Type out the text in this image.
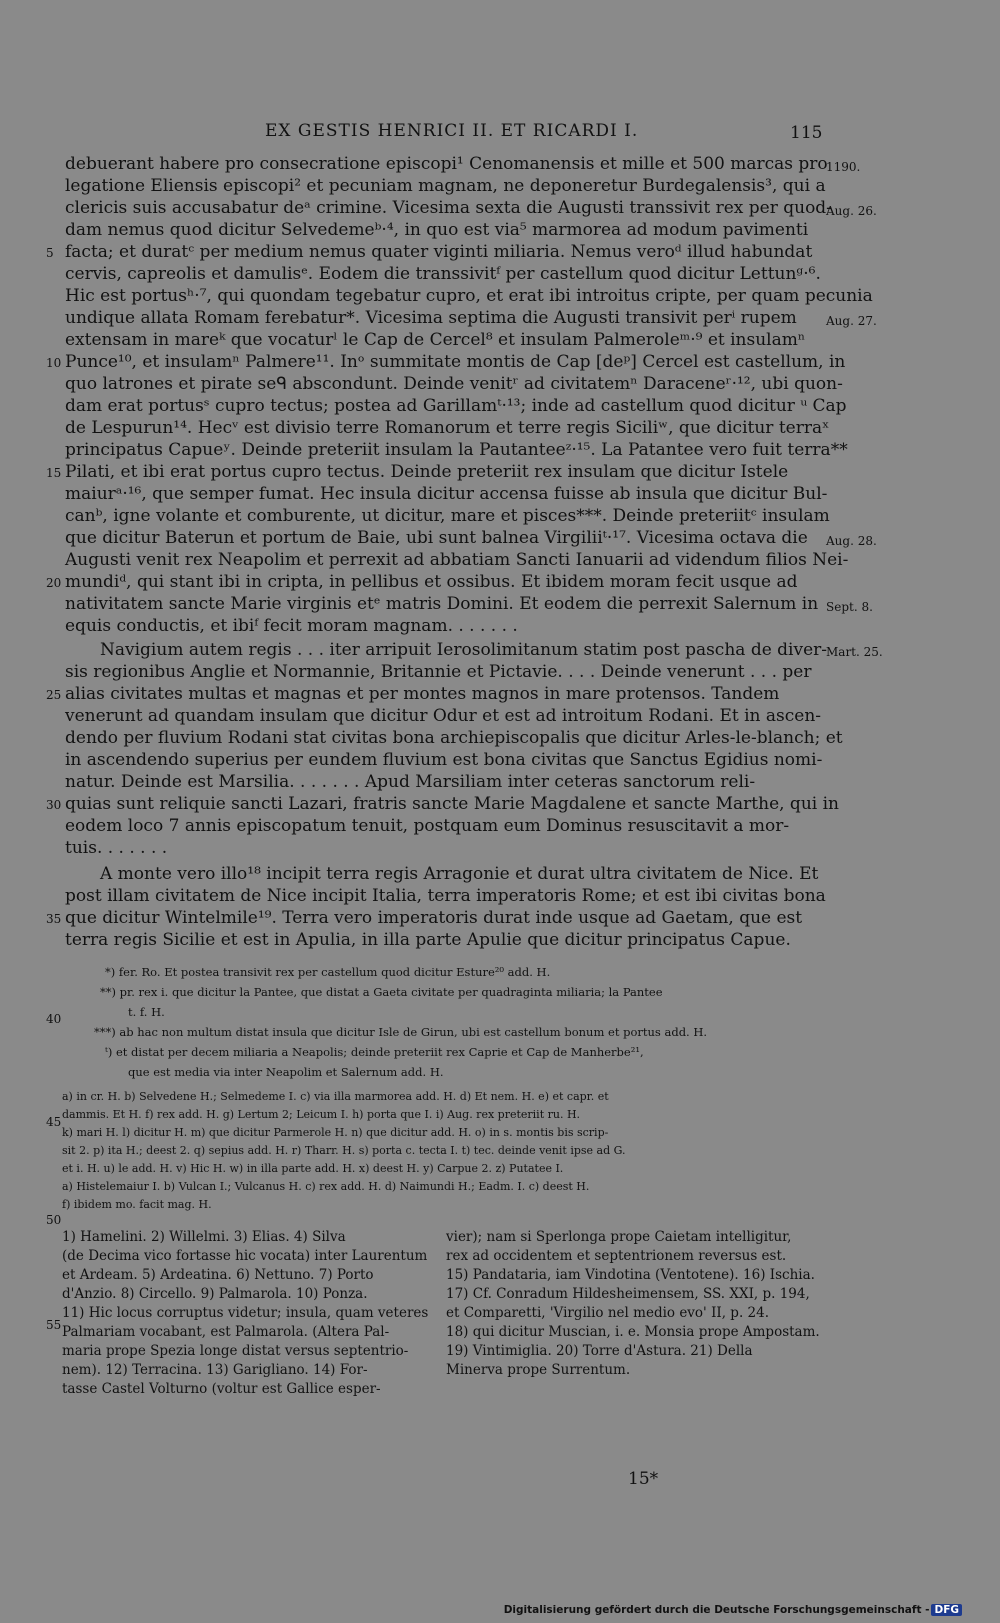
EX GESTIS HENRICI II. ET RICARDI I.	115
debuerant habere pro consecratione episcopi¹ Cenomanensis et mille et 500 marcas pro
legatione Eliensis episcopi² et pecuniam magnam, ne deponeretur Burdegalensis³, qui a
clericis suis accusabatur deᵃ crimine. Vicesima sexta die Augusti transsivit rex per quod-
dam nemus quod dicitur Selvedemeᵇ·⁴, in quo est via⁵ marmorea ad modum pavimenti
facta; et duratᶜ per medium nemus quater viginti miliaria. Nemus veroᵈ illud habundat
cervis, capreolis et damulisᵉ. Eodem die transsivitᶠ per castellum quod dicitur Lettunᵍ·⁶.
Hic est portusʰ·⁷, qui quondam tegebatur cupro, et erat ibi introitus cripte, per quam pecunia
undique allata Romam ferebatur*. Vicesima septima die Augusti transivit perⁱ rupem
extensam in mareᵏ que vocaturˡ le Cap de Cercel⁸ et insulam Palmeroleᵐ·⁹ et insulamⁿ
Punce¹⁰, et insulamⁿ Palmere¹¹. Inᵒ summitate montis de Cap [deᵖ] Cercel est castellum, in
quo latrones et pirate seᑫ abscondunt. Deinde venitʳ ad civitatemⁿ Daraceneʳ·¹², ubi quon-
dam erat portusˢ cupro tectus; postea ad Garillamᵗ·¹³; inde ad castellum quod dicitur ᵘ Cap
de Lespurun¹⁴. Hecᵛ est divisio terre Romanorum et terre regis Siciliʷ, que dicitur terraˣ
principatus Capueʸ. Deinde preteriit insulam la Pautanteeᶻ·¹⁵. La Patantee vero fuit terra**
Pilati, et ibi erat portus cupro tectus. Deinde preteriit rex insulam que dicitur Istele
maiurᵃ·¹⁶, que semper fumat. Hec insula dicitur accensa fuisse ab insula que dicitur Bul-
canᵇ, igne volante et comburente, ut dicitur, mare et pisces***. Deinde preteriitᶜ insulam
que dicitur Baterun et portum de Baie, ubi sunt balnea Virgiliiᵗ·¹⁷. Vicesima octava die
Augusti venit rex Neapolim et perrexit ad abbatiam Sancti Ianuarii ad videndum filios Nei-
mundiᵈ, qui stant ibi in cripta, in pellibus et ossibus. Et ibidem moram fecit usque ad
nativitatem sancte Marie virginis etᵉ matris Domini. Et eodem die perrexit Salernum in
equis conductis, et ibiᶠ fecit moram magnam. . . . . . .
Navigium autem regis . . . iter arripuit Ierosolimitanum statim post pascha de diver-
sis regionibus Anglie et Normannie, Britannie et Pictavie. . . . Deinde venerunt . . . per
alias civitates multas et magnas et per montes magnos in mare protensos. Tandem
venerunt ad quandam insulam que dicitur Odur et est ad introitum Rodani. Et in ascen-
dendo per fluvium Rodani stat civitas bona archiepiscopalis que dicitur Arles-le-blanch; et
in ascendendo superius per eundem fluvium est bona civitas que Sanctus Egidius nomi-
natur. Deinde est Marsilia. . . . . . . Apud Marsiliam inter ceteras sanctorum reli-
quias sunt reliquie sancti Lazari, fratris sancte Marie Magdalene et sancte Marthe, qui in
eodem loco 7 annis episcopatum tenuit, postquam eum Dominus resuscitavit a mor-
tuis. . . . . . .
A monte vero illo¹⁸ incipit terra regis Arragonie et durat ultra civitatem de Nice. Et
post illam civitatem de Nice incipit Italia, terra imperatoris Rome; et est ibi civitas bona
que dicitur Wintelmile¹⁹. Terra vero imperatoris durat inde usque ad Gaetam, que est
terra regis Sicilie et est in Apulia, in illa parte Apulie que dicitur principatus Capue.
5
10
15
20
25
30
35
40
45
50
55
1190.
Aug. 26.
Aug. 27.
Aug. 28.
Sept. 8.
Mart. 25.
*) fer. Ro. Et postea transivit rex per castellum quod dicitur Esture²⁰ add. H.
**) pr. rex i. que dicitur la Pantee, que distat a Gaeta civitate per quadraginta miliaria; la Pantee
t. f. H.
***) ab hac non multum distat insula que dicitur Isle de Girun, ubi est castellum bonum et portus add. H.
ᵗ) et distat per decem miliaria a Neapolis; deinde preteriit rex Caprie et Cap de Manherbe²¹,
que est media via inter Neapolim et Salernum add. H.
a) in cr. H. b) Selvedene H.; Selmedeme I. c) via illa marmorea add. H. d) Et nem. H. e) et capr. et
dammis. Et H. f) rex add. H. g) Lertum 2; Leicum I. h) porta que I. i) Aug. rex preteriit ru. H.
k) mari H. l) dicitur H. m) que dicitur Parmerole H. n) que dicitur add. H. o) in s. montis bis scrip-
sit 2. p) ita H.; deest 2. q) sepius add. H. r) Tharr. H. s) porta c. tecta I. t) tec. deinde venit ipse ad G.
et i. H. u) le add. H. v) Hic H. w) in illa parte add. H. x) deest H. y) Carpue 2. z) Putatee I.
a) Histelemaiur I. b) Vulcan I.; Vulcanus H. c) rex add. H. d) Naimundi H.; Eadm. I. c) deest H.
f) ibidem mo. facit mag. H.
1) Hamelini. 2) Willelmi. 3) Elias. 4) Silva
(de Decima vico fortasse hic vocata) inter Laurentum
et Ardeam. 5) Ardeatina. 6) Nettuno. 7) Porto
d'Anzio. 8) Circello. 9) Palmarola. 10) Ponza.
11) Hic locus corruptus videtur; insula, quam veteres
Palmariam vocabant, est Palmarola. (Altera Pal-
maria prope Spezia longe distat versus septentrio-
nem). 12) Terracina. 13) Garigliano. 14) For-
tasse Castel Volturno (voltur est Gallice esper-
vier); nam si Sperlonga prope Caietam intelligitur,
rex ad occidentem et septentrionem reversus est.
15) Pandataria, iam Vindotina (Ventotene). 16) Ischia.
17) Cf. Conradum Hildesheimensem, SS. XXI, p. 194,
et Comparetti, 'Virgilio nel medio evo' II, p. 24.
18) qui dicitur Muscian, i. e. Monsia prope Ampostam.
19) Vintimiglia. 20) Torre d'Astura. 21) Della
Minerva prope Surrentum.
15*
Digitalisierung gefördert durch die Deutsche Forschungsgemeinschaft - DFG
